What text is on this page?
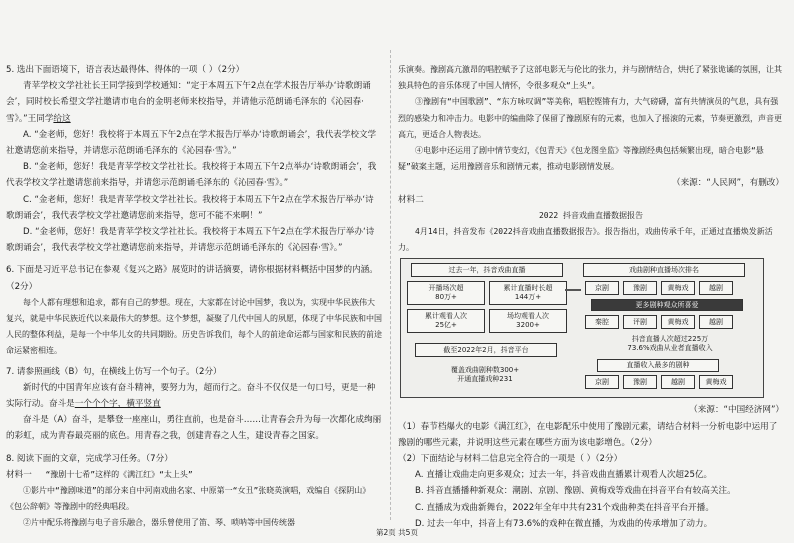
5. 选出下面语境下，语言表达最得体、得体的一项（ ）（2分）

青苹学校文学社社长王同学接到学校通知：“定于本周五下午2点在学术报告厅举办‘诗歌朗诵会’，同时校长希望文学社邀请市电台的金明老师来校指导，并请他示范朗诵毛泽东的《沁园春·雪》。”王同学给这

A. “金老师，您好！我校将于本周五下午2点在学术报告厅举办‘诗歌朗诵会’，我代表学校文学社邀请您前来指导，并请您示范朗诵毛泽东的《沁园春·雪》。”

B. “金老师，您好！我是青苹学校文学社社长。我校将于本周五下午2点举办‘诗歌朗诵会’，我代表学校文学社邀请您前来指导，并请您示范朗诵毛泽东的《沁园春·雪》。”

C. “金老师，您好！我是青苹学校文学社社长。我校将于本周五下午2点在学术报告厅举办‘诗歌朗诵会’，我代表学校文学社邀请您前来指导，您可不能不来啊！”

D. “金老师，您好！我是青苹学校文学社社长。我校将于本周五下午2点在学术报告厅举办‘诗歌朗诵会’，我代表学校文学社邀请您前来指导，并请您示范朗诵毛泽东的《沁园春·雪》。”

6. 下面是习近平总书记在参观《复兴之路》展览时的讲话摘要，请你根据材料概括中国梦的内涵。（2分）

每个人都有理想和追求，都有自己的梦想。现在，大家都在讨论中国梦，我以为，实现中华民族伟大复兴，就是中华民族近代以来最伟大的梦想。这个梦想，凝聚了几代中国人的夙愿，体现了中华民族和中国人民的整体利益，是每一个中华儿女的共同期盼。历史告诉我们，每个人的前途命运都与国家和民族的前途命运紧密相连。

7. 请参照画线（B）句，在横线上仿写一个句子。（2分）

新时代的中国青年应该有奋斗精神，要努力为，超而行之。奋斗不仅仅是一句口号，更是一种实际行动。奋斗是一个个个字，横平竖直

奋斗是（A）奋斗，是攀登一座座山，勇往直前，也是奋斗……让青春会升为每一次都化成绚丽的彩虹，成为青春最亮丽的底色。用青春之我，创建青春之人生，建设青春之国家。

8. 阅读下面的文章，完成学习任务。（7分）

材料一 “豫剧十七希”这样的《满江红》“太上头”

①影片中“豫剧味道”的部分来自中河南戏曲名家、中原第一“女丑”张晓英演唱，戏编自《探阴山》《包公辞朝》等豫剧中的经典唱段。

②片中配乐将豫剧与电子音乐融合，器乐曾使用了笛、琴、唢呐等中国传统器

乐演奏。豫剧高亢激昂的唱腔赋予了这部电影无与伦比的张力，并与剧情结合，烘托了紧张诡谲的氛围，让其独具特色的音乐体现了中国人情怀，令很多观众“上头”。

③豫剧有“中国歌剧”、“东方咏叹调”等美称，唱腔铿锵有力，大气磅礴，富有共情演员的气息，具有强烈的感染力和冲击力。电影中的编曲除了保留了豫剧原有的元素，也加入了摇滚的元素，节奏更激烈，声音更高亢，更适合人物表达。

④电影中还运用了剧中情节变幻，《包青天》《包龙图坐监》等豫剧经典包括频繁出现，暗合电影“悬疑”破案主题，运用豫剧音乐和剧情元素，推动电影剧情发展。

（来源：“人民网”，有删改）

材料二

2022 抖音戏曲直播数据报告

4月14日，抖音发布《2022抖音戏曲直播数据报告》。报告指出，戏曲传承千年，正通过直播焕发新活力。

过去一年，抖音戏曲直播
开播场次超
80万+
累计直播时长超
144万+
累计观看人次
25亿+
场均观看人次
3200+
截至2022年2月，抖音平台
覆盖戏曲剧种数300+
开通直播戏种231
戏曲剧种直播场次排名
京剧	豫剧	黄梅戏	越剧
更多剧种观众所喜爱
秦腔	评剧	黄梅戏	越剧
抖音直播人次超过225万
73.6%戏曲从业者直播收入
直播收入最多的剧种
京剧	豫剧	越剧	黄梅戏

（来源：“中国经济网”）

（1）春节档爆火的电影《满江红》，在电影配乐中使用了豫剧元素，请结合材料一分析电影中运用了豫剧的哪些元素，并说明这些元素在哪些方面为该电影增色。（2分）

（2）下面结论与材料二信息完全符合的一项是（ ）（2分）

A. 直播让戏曲走向更多观众；过去一年，抖音戏曲直播累计观看人次超25亿。

B. 抖音直播播种新观众：潮剧、京剧、豫剧、黄梅戏等戏曲在抖音平台有较高关注。

C. 直播成为戏曲新舞台，2022年全年中共有231个戏曲种类在抖音平台开播。

D. 过去一年中，抖音上有73.6%的戏种在微直播，为戏曲的传承增加了动力。

第2页 共5页
